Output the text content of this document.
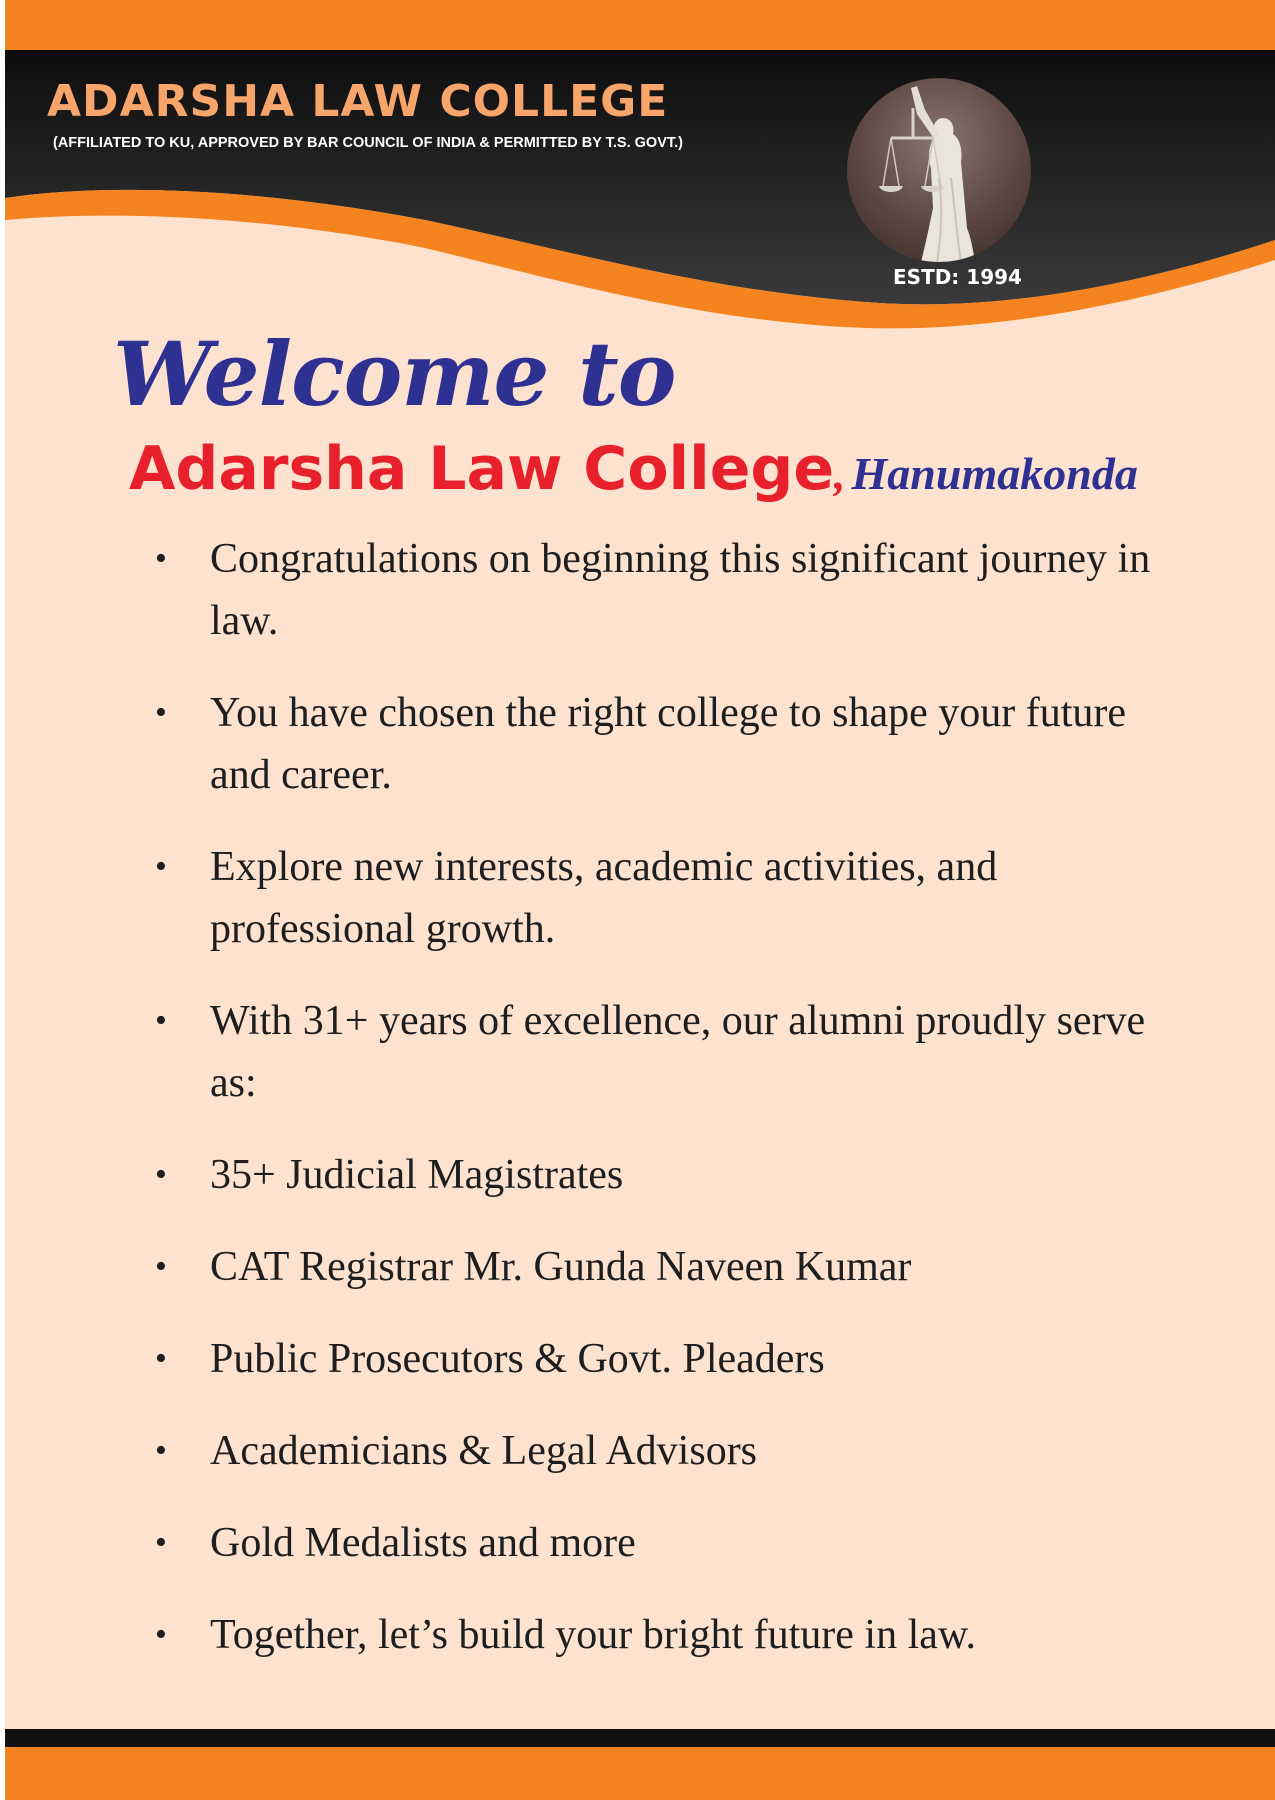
ADARSHA LAW COLLEGE

(AFFILIATED TO KU, APPROVED BY BAR COUNCIL OF INDIA & PERMITTED BY T.S. GOVT.)

ESTD: 1994

Welcome to
Adarsha Law College, Hanumakonda
• Congratulations on beginning this significant journey in law.
• You have chosen the right college to shape your future and career.
• Explore new interests, academic activities, and professional growth.
• With 31+ years of excellence, our alumni proudly serve as:
• 35+ Judicial Magistrates
• CAT Registrar Mr. Gunda Naveen Kumar
• Public Prosecutors & Govt. Pleaders
• Academicians & Legal Advisors
• Gold Medalists and more
• Together, let’s build your bright future in law.
